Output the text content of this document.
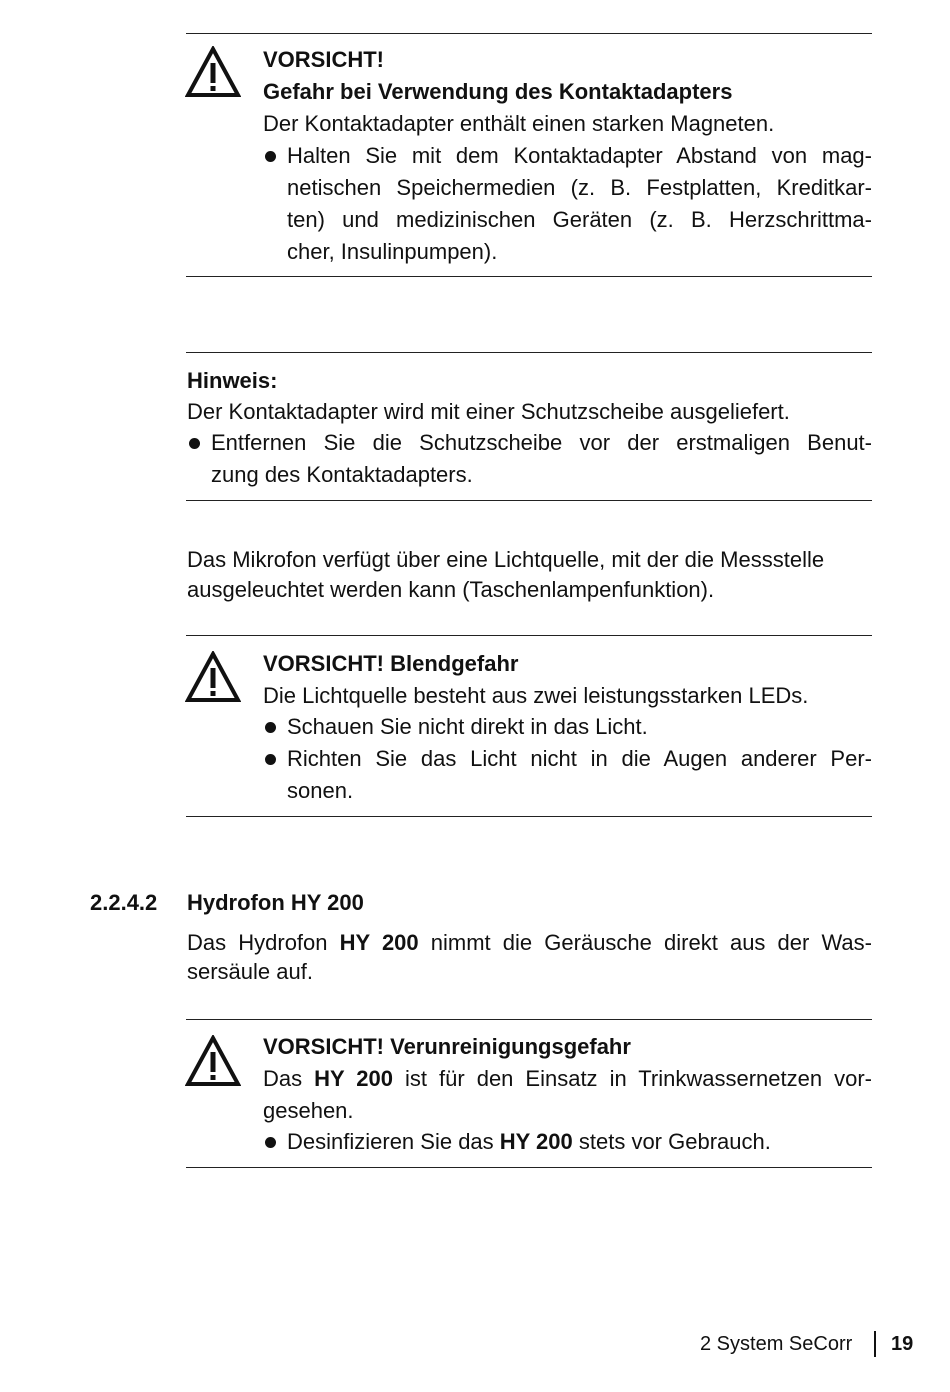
VORSICHT!
Gefahr bei Verwendung des Kontaktadapters
Der Kontaktadapter enthält einen starken Magneten.
Halten Sie mit dem Kontaktadapter Abstand von mag-
netischen Speichermedien (z. B. Festplatten, Kreditkar-
ten) und medizinischen Geräten (z. B. Herzschrittma-
cher, Insulinpumpen).
Hinweis:
Der Kontaktadapter wird mit einer Schutzscheibe ausgeliefert.
Entfernen Sie die Schutzscheibe vor der erstmaligen Benut-
zung des Kontaktadapters.
Das Mikrofon verfügt über eine Lichtquelle, mit der die Messstelle
ausgeleuchtet werden kann (Taschenlampenfunktion).
VORSICHT! Blendgefahr
Die Lichtquelle besteht aus zwei leistungsstarken LEDs.
Schauen Sie nicht direkt in das Licht.
Richten Sie das Licht nicht in die Augen anderer Per-
sonen.
2.2.4.2 Hydrofon HY 200
Das Hydrofon HY 200 nimmt die Geräusche direkt aus der Was-
sersäule auf.
VORSICHT! Verunreinigungsgefahr
Das HY 200 ist für den Einsatz in Trinkwassernetzen vor-
gesehen.
Desinfizieren Sie das HY 200 stets vor Gebrauch.
2 System SeCorr 19
